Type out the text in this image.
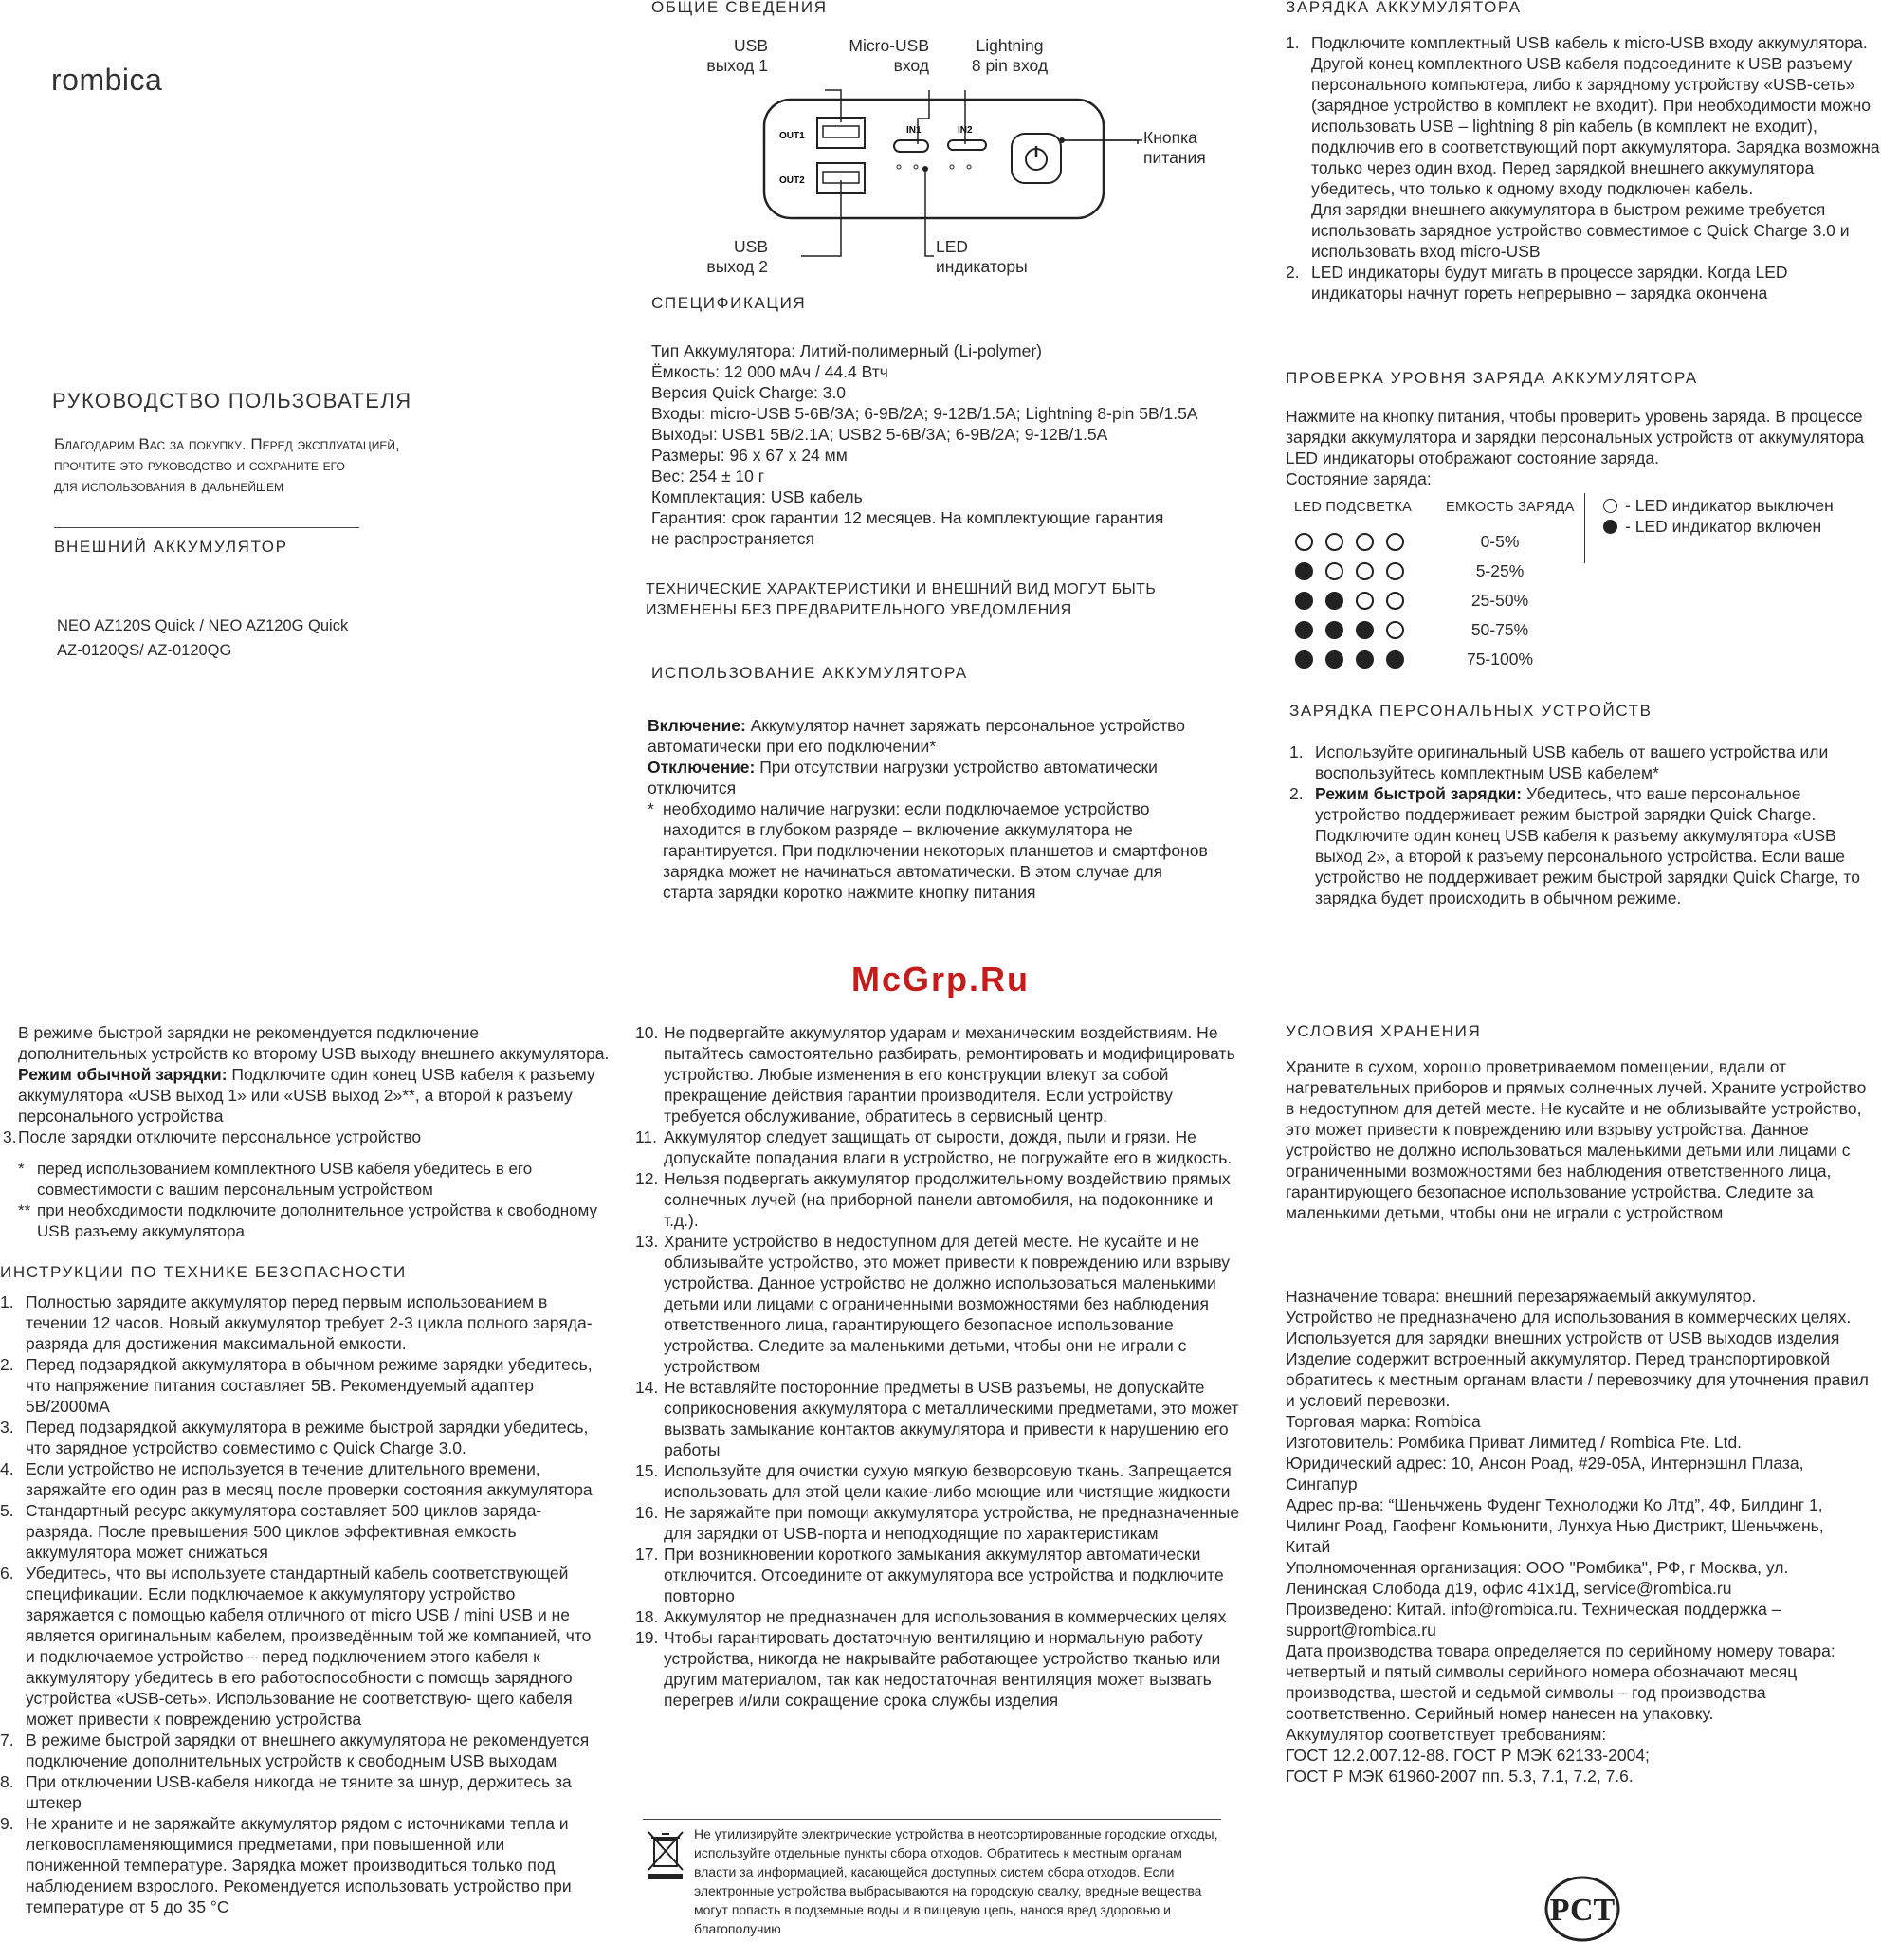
rombica
РУКОВОДСТВО ПОЛЬЗОВАТЕЛЯ
Благодарим Вас за покупку. Перед эксплуатацией,
прочтите это руководство и сохраните его
для использования в дальнейшем
ВНЕШНИЙ АККУМУЛЯТОР
NEO AZ120S Quick / NEO AZ120G Quick
AZ-0120QS/ AZ-0120QG
ОБЩИЕ СВЕДЕНИЯ
USB
выход 1
Micro-USB
вход
Lightning
8 pin вход
Кнопка
питания
USB
выход 2
LED
индикаторы
OUT1
OUT2
IN1	IN2
СПЕЦИФИКАЦИЯ
Тип Аккумулятора: Литий-полимерный (Li-polymer)
Ёмкость: 12 000 мАч / 44.4 Втч
Версия Quick Charge: 3.0
Входы: micro-USB 5-6В/3А; 6-9В/2А; 9-12В/1.5А; Lightning 8-pin 5В/1.5А
Выходы: USB1 5В/2.1А; USB2 5-6В/3А; 6-9В/2А; 9-12В/1.5А
Размеры: 96 х 67 х 24 мм
Вес: 254 ± 10 г
Комплектация: USB кабель
Гарантия: срок гарантии 12 месяцев. На комплектующие гарантия
не распространяется
ТЕХНИЧЕСКИЕ ХАРАКТЕРИСТИКИ И ВНЕШНИЙ ВИД МОГУТ БЫТЬ
ИЗМЕНЕНЫ БЕЗ ПРЕДВАРИТЕЛЬНОГО УВЕДОМЛЕНИЯ
ИСПОЛЬЗОВАНИЕ АККУМУЛЯТОРА

Включение: Аккумулятор начнет заряжать персональное устройство автоматически при его подключении*

Отключение: При отсутствии нагрузки устройство автоматически отключится

* необходимо наличие нагрузки: если подключаемое устройство находится в глубоком разряде – включение аккумулятора не гарантируется. При подключении некоторых планшетов и смартфонов зарядка может не начинаться автоматически. В этом случае для старта зарядки коротко нажмите кнопку питания

ЗАРЯДКА АККУМУЛЯТОРА
1. Подключите комплектный USB кабель к micro-USB входу аккумулятора. Другой конец комплектного USB кабеля подсоедините к USB разъему персонального компьютера, либо к зарядному устройству «USB-сеть» (зарядное устройство в комплект не входит). При необходимости можно использовать USB – lightning 8 pin кабель (в комплект не входит), подключив его в соответствующий порт аккумулятора. Зарядка возможна только через один вход. Перед зарядкой внешнего аккумулятора убедитесь, что только к одному входу подключен кабель.
Для зарядки внешнего аккумулятора в быстром режиме требуется использовать зарядное устройство совместимое с Quick Charge 3.0 и использовать вход micro-USB
2. LED индикаторы будут мигать в процессе зарядки. Когда LED индикаторы начнут гореть непрерывно – зарядка окончена
ПРОВЕРКА УРОВНЯ ЗАРЯДА АККУМУЛЯТОРА
Нажмите на кнопку питания, чтобы проверить уровень заряда. В процессе зарядки аккумулятора и зарядки персональных устройств от аккумулятора LED индикаторы отображают состояние заряда.
Состояние заряда:
LED ПОДСВЕТКА ЕМКОСТЬ ЗАРЯДА
0-5%
5-25%
25-50%
50-75%
75-100%
- LED индикатор выключен
- LED индикатор включен
ЗАРЯДКА ПЕРСОНАЛЬНЫХ УСТРОЙСТВ
1. Используйте оригинальный USB кабель от вашего устройства или воспользуйтесь комплектным USB кабелем*
2. Режим быстрой зарядки: Убедитесь, что ваше персональное устройство поддерживает режим быстрой зарядки Quick Charge. Подключите один конец USB кабеля к разъему аккумулятора «USB выход 2», а второй к разъему персонального устройства. Если ваше устройство не поддерживает режим быстрой зарядки Quick Charge, то зарядка будет происходить в обычном режиме.
McGrp.Ru

В режиме быстрой зарядки не рекомендуется подключение дополнительных устройств ко второму USB выходу внешнего аккумулятора. Режим обычной зарядки: Подключите один конец USB кабеля к разъему аккумулятора «USB выход 1» или «USB выход 2»**, а второй к разъему персонального устройства

3. После зарядки отключите персональное устройство

* перед использованием комплектного USB кабеля убедитесь в его совместимости с вашим персональным устройством

** при необходимости подключите дополнительное устройства к свободному USB разъему аккумулятора

ИНСТРУКЦИИ ПО ТЕХНИКЕ БЕЗОПАСНОСТИ
1. Полностью зарядите аккумулятор перед первым использованием в течении 12 часов. Новый аккумулятор требует 2-3 цикла полного заряда-разряда для достижения максимальной емкости.
2. Перед подзарядкой аккумулятора в обычном режиме зарядки убедитесь, что напряжение питания составляет 5В. Рекомендуемый адаптер 5В/2000мА
3. Перед подзарядкой аккумулятора в режиме быстрой зарядки убедитесь, что зарядное устройство совместимо с Quick Charge 3.0.
4. Если устройство не используется в течение длительного времени, заряжайте его один раз в месяц после проверки состояния аккумулятора
5. Стандартный ресурс аккумулятора составляет 500 циклов заряда-разряда. После превышения 500 циклов эффективная емкость аккумулятора может снижаться
6. Убедитесь, что вы используете стандартный кабель соответствующей спецификации. Если подключаемое к аккумулятору устройство заряжается с помощью кабеля отличного от micro USB / mini USB и не является оригинальным кабелем, произведённым той же компанией, что и подключаемое устройство – перед подключением этого кабеля к аккумулятору убедитесь в его работоспособности с помощь зарядного устройства «USB-сеть». Использование не соответствую- щего кабеля может привести к повреждению устройства
7. В режиме быстрой зарядки от внешнего аккумулятора не рекомендуется подключение дополнительных устройств к свободным USB выходам
8. При отключении USB-кабеля никогда не тяните за шнур, держитесь за штекер
9. Не храните и не заряжайте аккумулятор рядом с источниками тепла и легковоспламеняющимися предметами, при повышенной или пониженной температуре. Зарядка может производиться только под наблюдением взрослого. Рекомендуется использовать устройство при температуре от 5 до 35 °С
10. Не подвергайте аккумулятор ударам и механическим воздействиям. Не пытайтесь самостоятельно разбирать, ремонтировать и модифицировать устройство. Любые изменения в его конструкции влекут за собой прекращение действия гарантии производителя. Если устройству требуется обслуживание, обратитесь в сервисный центр.
11. Аккумулятор следует защищать от сырости, дождя, пыли и грязи. Не допускайте попадания влаги в устройство, не погружайте его в жидкость.
12. Нельзя подвергать аккумулятор продолжительному воздействию прямых солнечных лучей (на приборной панели автомобиля, на подоконнике и т.д.).
13. Храните устройство в недоступном для детей месте. Не кусайте и не облизывайте устройство, это может привести к повреждению или взрыву устройства. Данное устройство не должно использоваться маленькими детьми или лицами с ограниченными возможностями без наблюдения ответственного лица, гарантирующего безопасное использование устройства. Следите за маленькими детьми, чтобы они не играли с устройством
14. Не вставляйте посторонние предметы в USB разъемы, не допускайте соприкосновения аккумулятора с металлическими предметами, это может вызвать замыкание контактов аккумулятора и привести к нарушению его работы
15. Используйте для очистки сухую мягкую безворсовую ткань. Запрещается использовать для этой цели какие-либо моющие или чистящие жидкости
16. Не заряжайте при помощи аккумулятора устройства, не предназначенные для зарядки от USB-порта и неподходящие по характеристикам
17. При возникновении короткого замыкания аккумулятор автоматически отключится. Отсоедините от аккумулятора все устройства и подключите повторно
18. Аккумулятор не предназначен для использования в коммерческих целях
19. Чтобы гарантировать достаточную вентиляцию и нормальную работу устройства, никогда не накрывайте работающее устройство тканью или другим материалом, так как недостаточная вентиляция может вызвать перегрев и/или сокращение срока службы изделия
Не утилизируйте электрические устройства в неотсортированные городские отходы, используйте отдельные пункты сбора отходов. Обратитесь к местным органам власти за информацией, касающейся доступных систем сбора отходов. Если электронные устройства выбрасываются на городскую свалку, вредные вещества могут попасть в подземные воды и в пищевую цепь, нанося вред здоровью и благополучию
УСЛОВИЯ ХРАНЕНИЯ
Храните в сухом, хорошо проветриваемом помещении, вдали от нагревательных приборов и прямых солнечных лучей. Храните устройство в недоступном для детей месте. Не кусайте и не облизывайте устройство, это может привести к повреждению или взрыву устройства. Данное устройство не должно использоваться маленькими детьми или лицами с ограниченными возможностями без наблюдения ответственного лица, гарантирующего безопасное использование устройства. Следите за маленькими детьми, чтобы они не играли с устройством
Назначение товара: внешний перезаряжаемый аккумулятор.
Устройство не предназначено для использования в коммерческих целях. Используется для зарядки внешних устройств от USB выходов изделия
Изделие содержит встроенный аккумулятор. Перед транспортировкой обратитесь к местным органам власти / перевозчику для уточнения правил и условий перевозки.
Торговая марка: Rombica
Изготовитель: Ромбика Приват Лимитед / Rombica Pte. Ltd.
Юридический адрес: 10, Ансон Роад, #29-05А, Интернэшнл Плаза, Сингапур
Адрес пр-ва: “Шеньчжень Фуденг Технолоджи Ко Лтд”, 4Ф, Билдинг 1, Чилинг Роад, Гаофенг Комьюнити, Лунхуа Нью Дистрикт, Шеньчжень, Китай
Уполномоченная организация: ООО "Ромбика", РФ, г Москва, ул. Ленинская Слобода д19, офис 41х1Д, service@rombica.ru
Произведено: Китай. info@rombica.ru. Техническая поддержка – support@rombica.ru
Дата производства товара определяется по серийному номеру товара: четвертый и пятый символы серийного номера обозначают месяц производства, шестой и седьмой символы – год производства соответственно. Серийный номер нанесен на упаковку.
Аккумулятор соответствует требованиям:
ГОСТ 12.2.007.12-88. ГОСТ Р МЭК 62133-2004;
ГОСТ Р МЭК 61960-2007 пп. 5.3, 7.1, 7.2, 7.6.
РСТ
